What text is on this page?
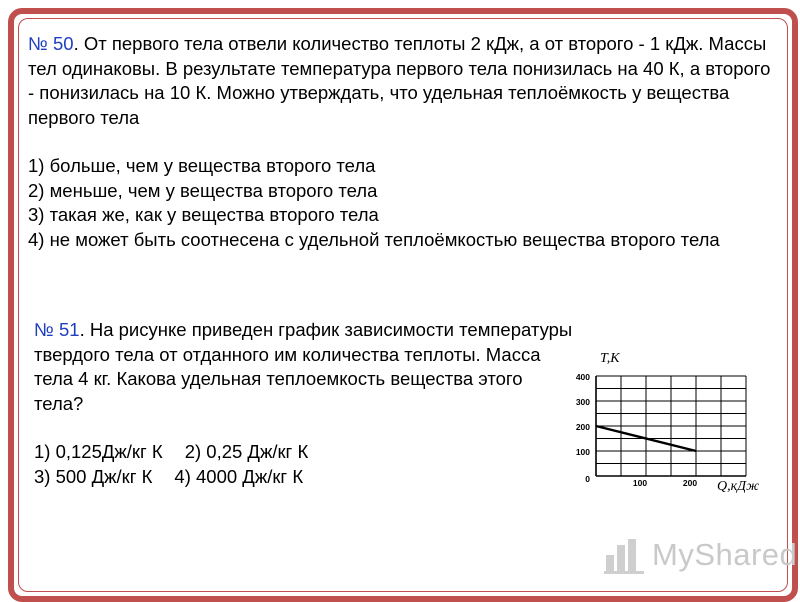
№ 50. От первого тела отвели количество теплоты 2 кДж, а от второго - 1 кДж. Массы тел одинаковы. В результате температура первого тела понизилась на 40 К, а второго - понизилась на 10 К. Можно утверждать, что удельная теплоёмкость у вещества первого тела
1) больше, чем у вещества второго тела
2) меньше, чем у вещества второго тела
3) такая же, как у вещества второго тела
4) не может быть соотнесена с удельной теплоёмкостью вещества второго тела
№ 51. На рисунке приведен график зависимости температуры твердого тела от отданного им количества теплоты. Масса тела 4 кг. Какова удельная теплоемкость вещества этого тела?
1) 0,125Дж/кг К 2) 0,25 Дж/кг К
3) 500 Дж/кг К 4) 4000 Дж/кг К	0
100
200
300
400
100	200
T,K
Q,кДж
MyShared
